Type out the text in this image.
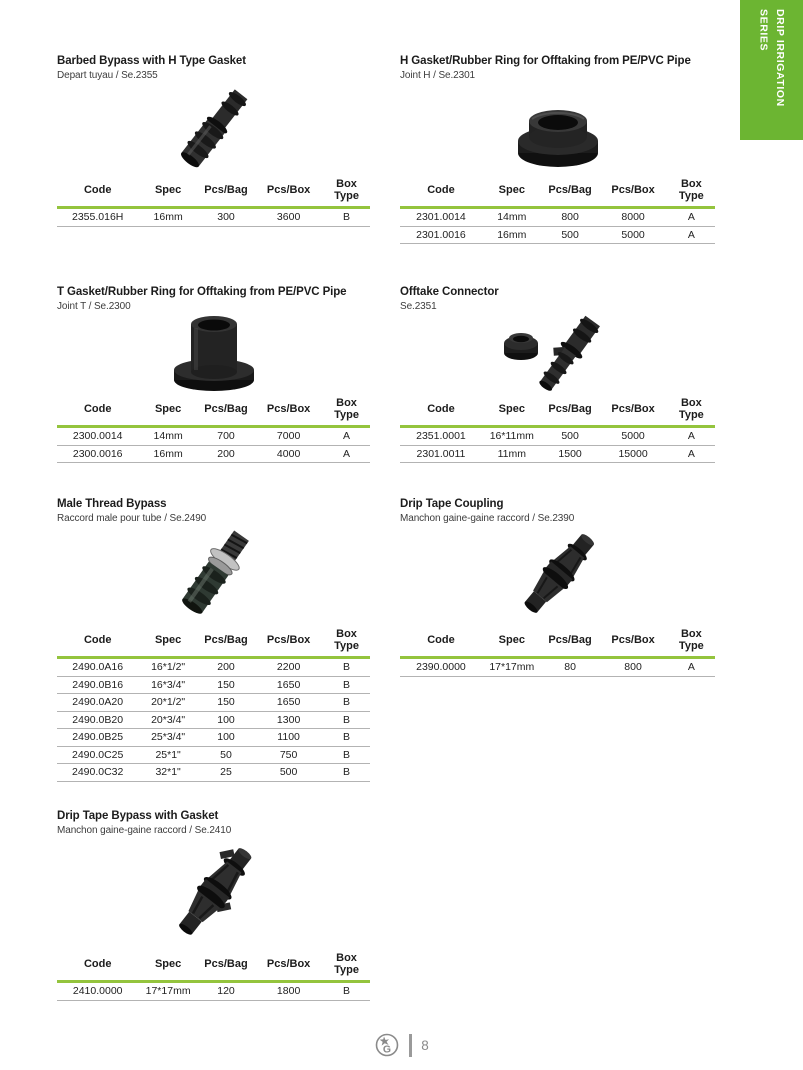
DRIP IRRIGATION
SERIES
Barbed Bypass with H Type Gasket

Depart tuyau / Se.2355

Code	Spec	Pcs/Bag	Pcs/Box	Box Type
2355.016H	16mm	300	3600	B
H Gasket/Rubber Ring for Offtaking from PE/PVC Pipe

Joint H / Se.2301

Code	Spec	Pcs/Bag	Pcs/Box	Box Type
2301.0014	14mm	800	8000	A
2301.0016	16mm	500	5000	A
T Gasket/Rubber Ring for Offtaking from PE/PVC Pipe

Joint T / Se.2300

Code	Spec	Pcs/Bag	Pcs/Box	Box Type
2300.0014	14mm	700	7000	A
2300.0016	16mm	200	4000	A
Offtake Connector

Se.2351

Code	Spec	Pcs/Bag	Pcs/Box	Box Type
2351.0001	16*11mm	500	5000	A
2301.0011	11mm	1500	15000	A
Male Thread Bypass

Raccord male pour tube / Se.2490

Code	Spec	Pcs/Bag	Pcs/Box	Box Type
2490.0A16	16*1/2"	200	2200	B
2490.0B16	16*3/4"	150	1650	B
2490.0A20	20*1/2"	150	1650	B
2490.0B20	20*3/4"	100	1300	B
2490.0B25	25*3/4"	100	1100	B
2490.0C25	25*1"	50	750	B
2490.0C32	32*1"	25	500	B
Drip Tape Coupling

Manchon gaine-gaine raccord / Se.2390

Code	Spec	Pcs/Bag	Pcs/Box	Box Type
2390.0000	17*17mm	80	800	A
Drip Tape Bypass with Gasket

Manchon gaine-gaine raccord / Se.2410

Code	Spec	Pcs/Bag	Pcs/Box	Box Type
2410.0000	17*17mm	120	1800	B
G 8
